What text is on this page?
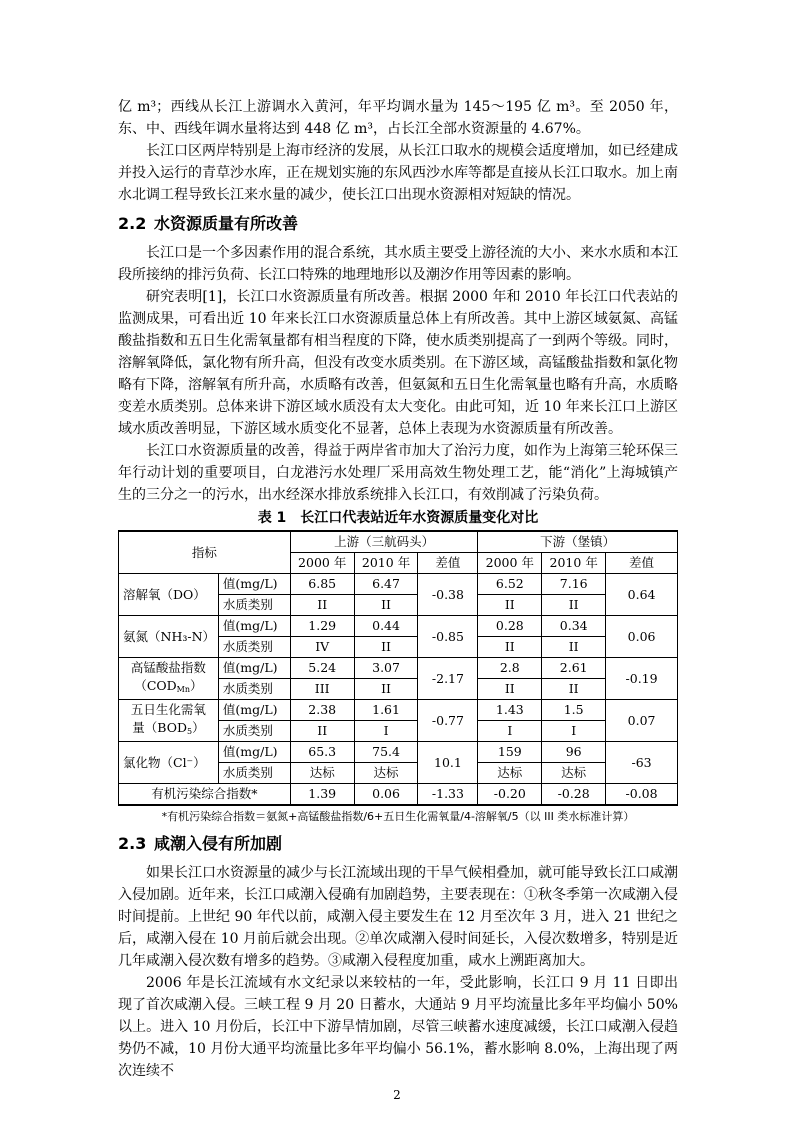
亿 m³；西线从长江上游调水入黄河，年平均调水量为 145～195 亿 m³。至 2050 年，东、中、西线年调水量将达到 448 亿 m³，占长江全部水资源量的 4.67%。

长江口区两岸特别是上海市经济的发展，从长江口取水的规模会适度增加，如已经建成并投入运行的青草沙水库，正在规划实施的东风西沙水库等都是直接从长江口取水。加上南水北调工程导致长江来水量的减少，使长江口出现水资源相对短缺的情况。

2.2 水资源质量有所改善

长江口是一个多因素作用的混合系统，其水质主要受上游径流的大小、来水水质和本江段所接纳的排污负荷、长江口特殊的地理地形以及潮汐作用等因素的影响。

研究表明[1]，长江口水资源质量有所改善。根据 2000 年和 2010 年长江口代表站的监测成果，可看出近 10 年来长江口水资源质量总体上有所改善。其中上游区域氨氮、高锰酸盐指数和五日生化需氧量都有相当程度的下降，使水质类别提高了一到两个等级。同时，溶解氧降低，氯化物有所升高，但没有改变水质类别。在下游区域，高锰酸盐指数和氯化物略有下降，溶解氧有所升高，水质略有改善，但氨氮和五日生化需氧量也略有升高，水质略变差水质类别。总体来讲下游区域水质没有太大变化。由此可知，近 10 年来长江口上游区域水质改善明显，下游区域水质变化不显著，总体上表现为水资源质量有所改善。

长江口水资源质量的改善，得益于两岸省市加大了治污力度，如作为上海第三轮环保三年行动计划的重要项目，白龙港污水处理厂采用高效生物处理工艺，能“消化”上海城镇产生的三分之一的污水，出水经深水排放系统排入长江口，有效削减了污染负荷。

表 1　长江口代表站近年水资源质量变化对比
指标		上游（三航码头）			下游（堡镇）		
		2000 年	2010 年	差值	2000 年	2010 年	差值
溶解氧（DO）	值(mg/L)	6.85	6.47	-0.38	6.52	7.16	0.64
	水质类别	II	II		II	II	
氨氮（NH₃-N）	值(mg/L)	1.29	0.44	-0.85	0.28	0.34	0.06
	水质类别	IV	II		II	II	
高锰酸盐指数
$(COD_{Mn})$	值(mg/L)	5.24	3.07	-2.17	2.8	2.61	-0.19
	水质类别	III	II		II	II	
五日生化需氧
量$(BOD_5)$	值(mg/L)	2.38	1.61	-0.77	1.43	1.5	0.07
	水质类别	II	I		I	I	
氯化物（Cl⁻）	值(mg/L)	65.3	75.4	10.1	159	96	-63
	水质类别	达标	达标		达标	达标	
有机污染综合指数*		1.39	0.06	-1.33	-0.20	-0.28	-0.08
*有机污染综合指数＝氨氮+高锰酸盐指数/6+五日生化需氧量/4-溶解氧/5（以 III 类水标准计算）
2.3 咸潮入侵有所加剧

如果长江口水资源量的减少与长江流域出现的干旱气候相叠加，就可能导致长江口咸潮入侵加剧。近年来，长江口咸潮入侵确有加剧趋势，主要表现在：①秋冬季第一次咸潮入侵时间提前。上世纪 90 年代以前，咸潮入侵主要发生在 12 月至次年 3 月，进入 21 世纪之后，咸潮入侵在 10 月前后就会出现。②单次咸潮入侵时间延长，入侵次数增多，特别是近几年咸潮入侵次数有增多的趋势。③咸潮入侵程度加重，咸水上溯距离加大。

2006 年是长江流域有水文纪录以来较枯的一年，受此影响，长江口 9 月 11 日即出现了首次咸潮入侵。三峡工程 9 月 20 日蓄水，大通站 9 月平均流量比多年平均偏小 50%以上。进入 10 月份后，长江中下游旱情加剧，尽管三峡蓄水速度减缓，长江口咸潮入侵趋势仍不减，10 月份大通平均流量比多年平均偏小 56.1%，蓄水影响 8.0%，上海出现了两次连续不

2
